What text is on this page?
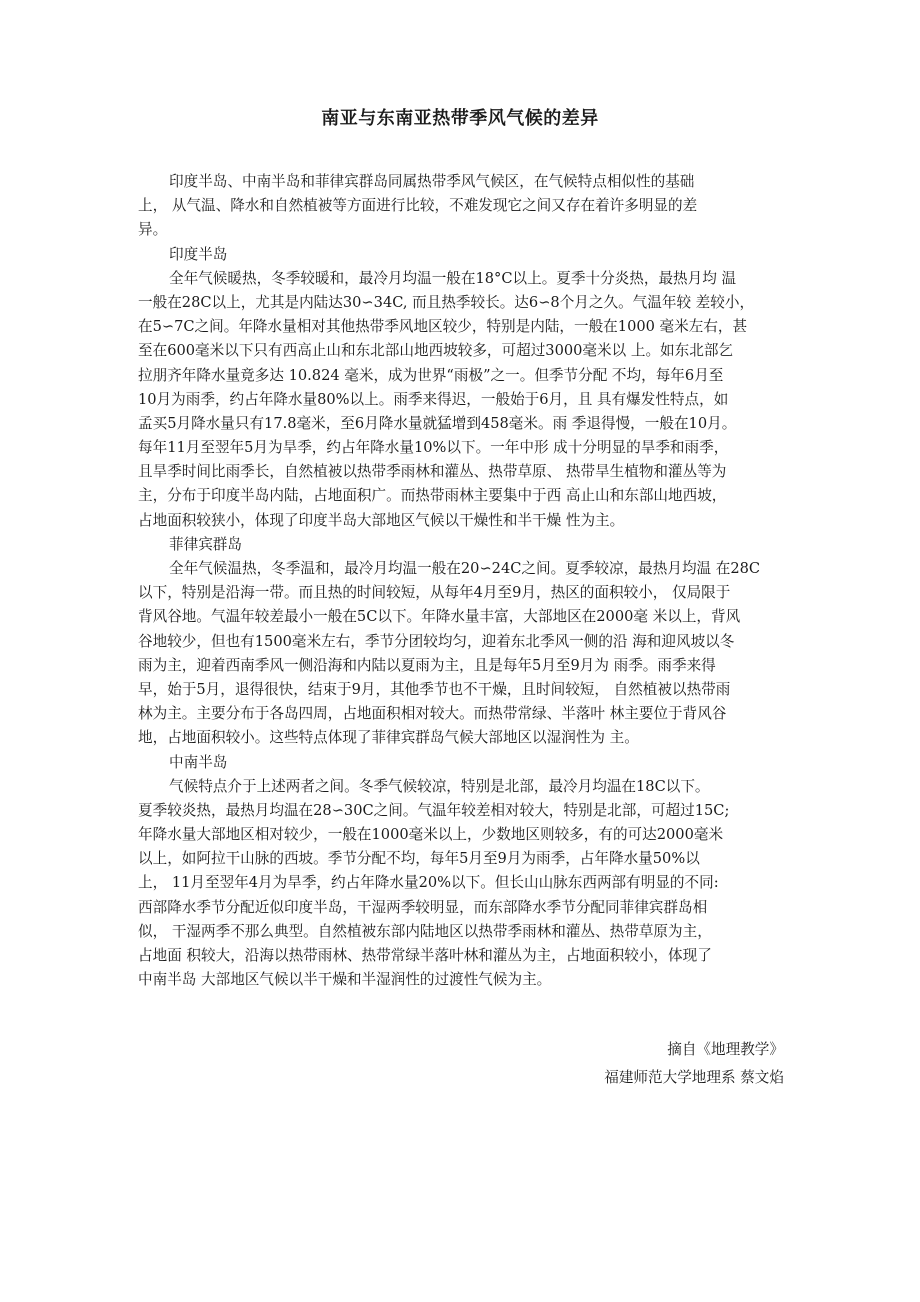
南亚与东南亚热带季风气候的差异
印度半岛、中南半岛和菲律宾群岛同属热带季风气候区，在气候特点相似性的基础
上， 从气温、降水和自然植被等方面进行比较，不难发现它之间又存在着许多明显的差
异。
印度半岛
全年气候暖热，冬季较暖和，最冷月均温一般在18°C以上。夏季十分炎热，最热月均 温
一般在28C以上，尤其是内陆达30∽34C, 而且热季较长。达6∽8个月之久。气温年较 差较小，
在5∽7C之间。年降水量相对其他热带季风地区较少，特别是内陆，一般在1000 毫米左右，甚
至在600毫米以下只有西高止山和东北部山地西坡较多，可超过3000毫米以 上。如东北部乞
拉朋齐年降水量竟多达 10.824 毫米，成为世界“雨极”之一。但季节分配 不均，每年6月至
10月为雨季，约占年降水量80%以上。雨季来得迟，一般始于6月，且 具有爆发性特点，如
孟买5月降水量只有17.8毫米，至6月降水量就猛增到458毫米。雨 季退得慢，一般在10月。
每年11月至翌年5月为旱季，约占年降水量10%以下。一年中形 成十分明显的旱季和雨季，
且旱季时间比雨季长，自然植被以热带季雨林和灌丛、热带草原、 热带旱生植物和灌丛等为
主，分布于印度半岛内陆，占地面积广。而热带雨林主要集中于西 高止山和东部山地西坡，
占地面积较狭小，体现了印度半岛大部地区气候以干燥性和半干燥 性为主。
菲律宾群岛
全年气候温热，冬季温和，最冷月均温一般在20∽24C之间。夏季较凉，最热月均温 在28C
以下，特别是沿海一带。而且热的时间较短，从每年4月至9月，热区的面积较小， 仅局限于
背风谷地。气温年较差最小一般在5C以下。年降水量丰富，大部地区在2000毫 米以上，背风
谷地较少，但也有1500毫米左右，季节分团较均匀，迎着东北季风一侧的沿 海和迎风坡以冬
雨为主，迎着西南季风一侧沿海和内陆以夏雨为主，且是每年5月至9月为 雨季。雨季来得
早，始于5月，退得很快，结束于9月，其他季节也不干燥，且时间较短， 自然植被以热带雨
林为主。主要分布于各岛四周，占地面积相对较大。而热带常绿、半落叶 林主要位于背风谷
地，占地面积较小。这些特点体现了菲律宾群岛气候大部地区以湿润性为 主。
中南半岛
气候特点介于上述两者之间。冬季气候较凉，特别是北部，最冷月均温在18C以下。
夏季较炎热，最热月均温在28∽30C之间。气温年较差相对较大，特别是北部，可超过15C;
年降水量大部地区相对较少，一般在1000毫米以上，少数地区则较多，有的可达2000毫米
以上，如阿拉干山脉的西坡。季节分配不均，每年5月至9月为雨季，占年降水量50%以
上， 11月至翌年4月为旱季，约占年降水量20%以下。但长山山脉东西两部有明显的不同:
西部降水季节分配近似印度半岛，干湿两季较明显，而东部降水季节分配同菲律宾群岛相
似， 干湿两季不那么典型。自然植被东部内陆地区以热带季雨林和灌丛、热带草原为主，
占地面 积较大，沿海以热带雨林、热带常绿半落叶林和灌丛为主，占地面积较小，体现了
中南半岛 大部地区气候以半干燥和半湿润性的过渡性气候为主。
摘自《地理教学》
福建师范大学地理系 蔡文焰
